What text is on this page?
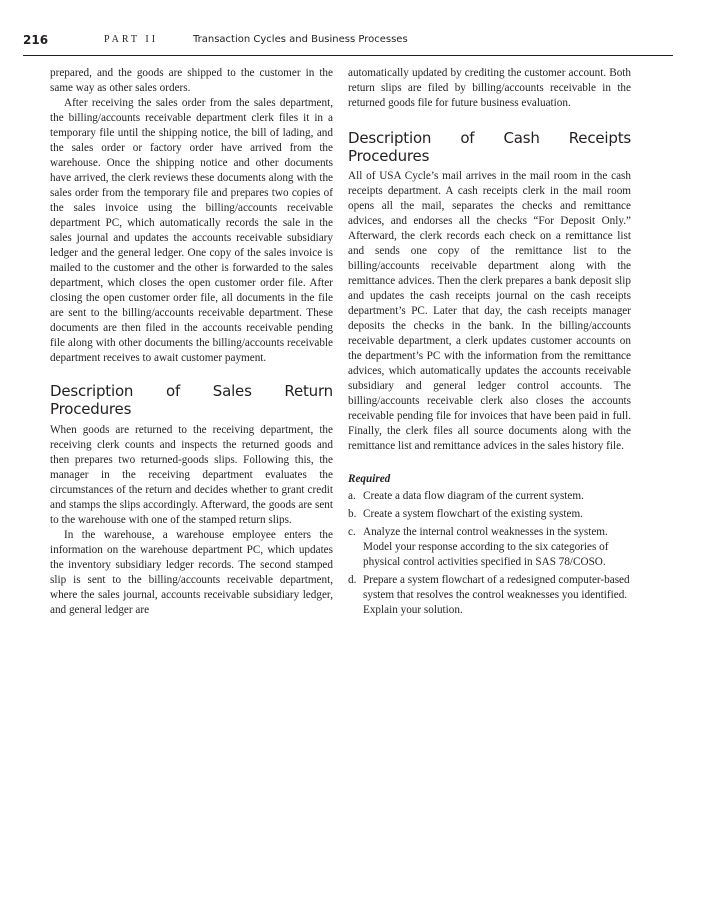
216	PART II	Transaction Cycles and Business Processes

prepared, and the goods are shipped to the customer in the same way as other sales orders.

After receiving the sales order from the sales department, the billing/accounts receivable department clerk files it in a temporary file until the shipping notice, the bill of lading, and the sales order or factory order have arrived from the warehouse. Once the shipping notice and other documents have arrived, the clerk reviews these documents along with the sales order from the temporary file and prepares two copies of the sales invoice using the billing/accounts receivable department PC, which automatically records the sale in the sales journal and updates the accounts receivable subsidiary ledger and the general ledger. One copy of the sales invoice is mailed to the customer and the other is forwarded to the sales department, which closes the open customer order file. After closing the open customer order file, all documents in the file are sent to the billing/accounts receivable department. These documents are then filed in the accounts receivable pending file along with other documents the billing/accounts receivable department receives to await customer payment.

Description of Sales Return Procedures

When goods are returned to the receiving department, the receiving clerk counts and inspects the returned goods and then prepares two returned-goods slips. Following this, the manager in the receiving department evaluates the circumstances of the return and decides whether to grant credit and stamps the slips accordingly. Afterward, the goods are sent to the warehouse with one of the stamped return slips.

In the warehouse, a warehouse employee enters the information on the warehouse department PC, which updates the inventory subsidiary ledger records. The second stamped slip is sent to the billing/accounts receivable department, where the sales journal, accounts receivable subsidiary ledger, and general ledger are

automatically updated by crediting the customer account. Both return slips are filed by billing/accounts receivable in the returned goods file for future business evaluation.

Description of Cash Receipts Procedures

All of USA Cycle’s mail arrives in the mail room in the cash receipts department. A cash receipts clerk in the mail room opens all the mail, separates the checks and remittance advices, and endorses all the checks “For Deposit Only.” Afterward, the clerk records each check on a remittance list and sends one copy of the remittance list to the billing/accounts receivable department along with the remittance advices. Then the clerk prepares a bank deposit slip and updates the cash receipts journal on the cash receipts department’s PC. Later that day, the cash receipts manager deposits the checks in the bank. In the billing/accounts receivable department, a clerk updates customer accounts on the department’s PC with the information from the remittance advices, which automatically updates the accounts receivable subsidiary and general ledger control accounts. The billing/accounts receivable clerk also closes the accounts receivable pending file for invoices that have been paid in full. Finally, the clerk files all source documents along with the remittance list and remittance advices in the sales history file.

Required
a. Create a data flow diagram of the current system.
b. Create a system flowchart of the existing system.
c. Analyze the internal control weaknesses in the system. Model your response according to the six categories of physical control activities specified in SAS 78/COSO.
d. Prepare a system flowchart of a redesigned computer-based system that resolves the control weaknesses you identified. Explain your solution.
